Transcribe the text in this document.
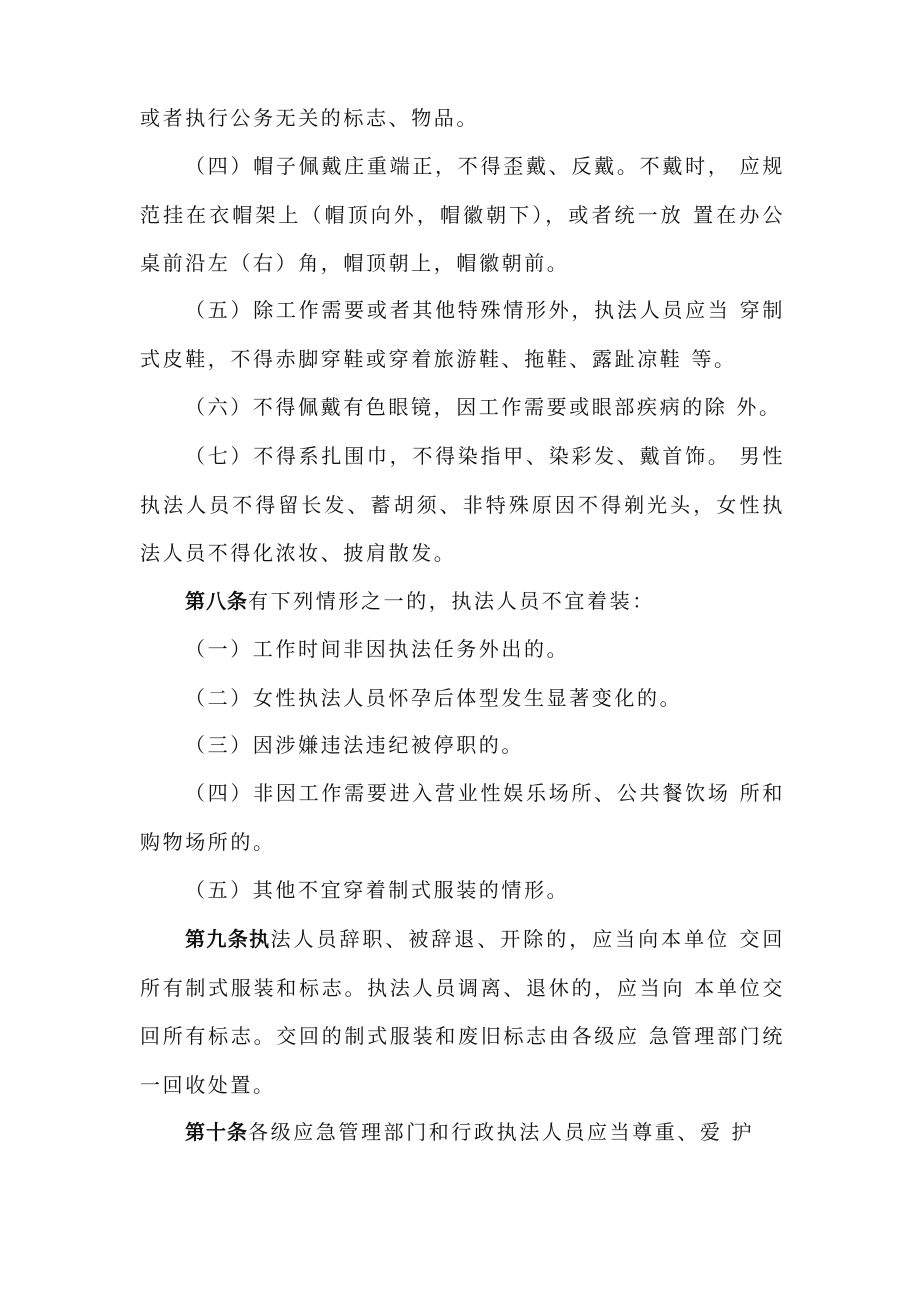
或者执行公务无关的标志、物品。

（四）帽子佩戴庄重端正，不得歪戴、反戴。不戴时， 应规范挂在衣帽架上（帽顶向外，帽徽朝下），或者统一放 置在办公桌前沿左（右）角，帽顶朝上，帽徽朝前。

（五）除工作需要或者其他特殊情形外，执法人员应当 穿制式皮鞋，不得赤脚穿鞋或穿着旅游鞋、拖鞋、露趾凉鞋 等。

（六）不得佩戴有色眼镜，因工作需要或眼部疾病的除 外。

（七）不得系扎围巾，不得染指甲、染彩发、戴首饰。 男性执法人员不得留长发、蓄胡须、非特殊原因不得剃光头，女性执法人员不得化浓妆、披肩散发。

第八条有下列情形之一的，执法人员不宜着装：

（一）工作时间非因执法任务外出的。

（二）女性执法人员怀孕后体型发生显著变化的。

（三）因涉嫌违法违纪被停职的。

（四）非因工作需要进入营业性娱乐场所、公共餐饮场 所和购物场所的。

（五）其他不宜穿着制式服装的情形。

第九条执法人员辞职、被辞退、开除的，应当向本单位 交回所有制式服装和标志。执法人员调离、退休的，应当向 本单位交回所有标志。交回的制式服装和废旧标志由各级应 急管理部门统一回收处置。

第十条各级应急管理部门和行政执法人员应当尊重、爱 护
